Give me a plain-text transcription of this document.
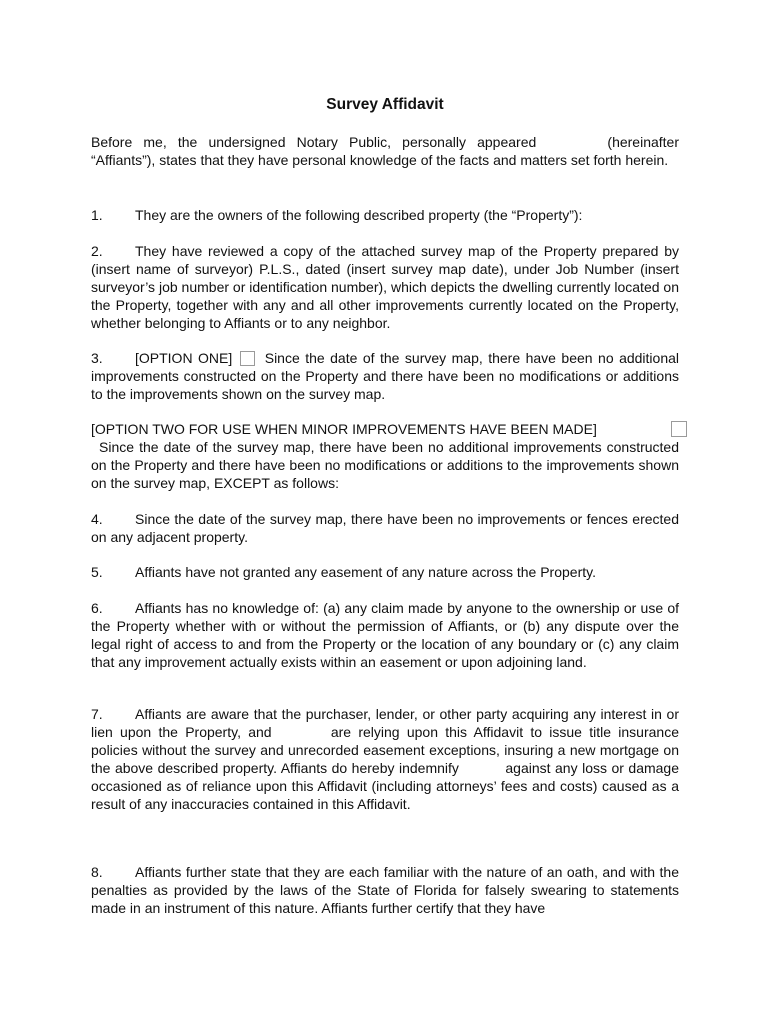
Survey Affidavit
Before me, the undersigned Notary Public, personally appeared	(hereinafter “Affiants”), states that they have personal knowledge of the facts and matters set forth herein.
1. They are the owners of the following described property (the “Property”):
2. They have reviewed a copy of the attached survey map of the Property prepared by (insert name of surveyor) P.L.S., dated (insert survey map date), under Job Number (insert surveyor’s job number or identification number), which depicts the dwelling currently located on the Property, together with any and all other improvements currently located on the Property, whether belonging to Affiants or to any neighbor.
3. [OPTION ONE] Since the date of the survey map, there have been no additional improvements constructed on the Property and there have been no modifications or additions to the improvements shown on the survey map.
[OPTION TWO FOR USE WHEN MINOR IMPROVEMENTS HAVE BEEN MADE]
Since the date of the survey map, there have been no additional improvements constructed on the Property and there have been no modifications or additions to the improvements shown on the survey map, EXCEPT as follows:
4. Since the date of the survey map, there have been no improvements or fences erected on any adjacent property.
5. Affiants have not granted any easement of any nature across the Property.
6. Affiants has no knowledge of: (a) any claim made by anyone to the ownership or use of the Property whether with or without the permission of Affiants, or (b) any dispute over the legal right of access to and from the Property or the location of any boundary or (c) any claim that any improvement actually exists within an easement or upon adjoining land.
7. Affiants are aware that the purchaser, lender, or other party acquiring any interest in or lien upon the Property, and	are relying upon this Affidavit to issue title insurance policies without the survey and unrecorded easement exceptions, insuring a new mortgage on the above described property. Affiants do hereby indemnify	against any loss or damage occasioned as of reliance upon this Affidavit (including attorneys’ fees and costs) caused as a result of any inaccuracies contained in this Affidavit.
8. Affiants further state that they are each familiar with the nature of an oath, and with the penalties as provided by the laws of the State of Florida for falsely swearing to statements made in an instrument of this nature. Affiants further certify that they have
